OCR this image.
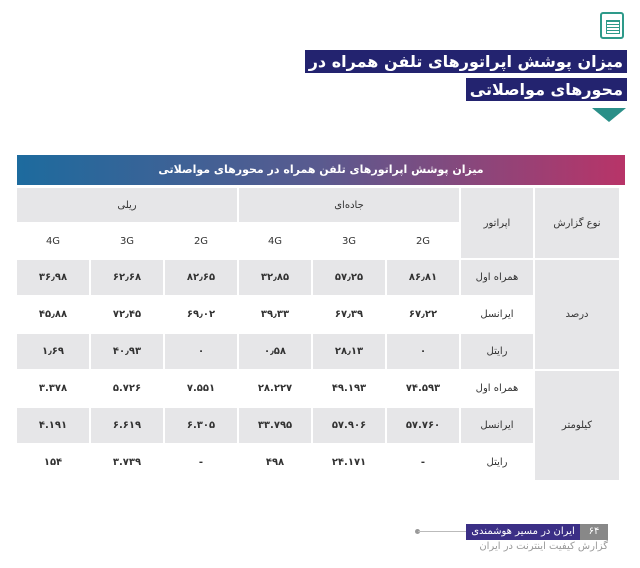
میزان پوشش اپراتورهای تلفن همراه در
محورهای مواصلاتی
میزان پوشش اپراتورهای تلفن همراه در محورهای مواصلاتی
نوع گزارش	اپراتور	جاده‌ای			ریلی		
		2G	3G	4G	2G	3G	4G
درصد	همراه اول	۸۶٫۸۱	۵۷٫۲۵	۳۲٫۸۵	۸۲٫۶۵	۶۲٫۶۸	۳۶٫۹۸
	ایرانسل	۶۷٫۲۲	۶۷٫۳۹	۳۹٫۳۳	۶۹٫۰۲	۷۲٫۴۵	۴۵٫۸۸
	رایتل	۰	۲۸٫۱۳	۰٫۵۸	۰	۴۰٫۹۳	۱٫۶۹
کیلومتر	همراه اول	۷۴.۵۹۳	۴۹.۱۹۳	۲۸.۲۲۷	۷.۵۵۱	۵.۷۲۶	۳.۳۷۸
	ایرانسل	۵۷.۷۶۰	۵۷.۹۰۶	۳۳.۷۹۵	۶.۳۰۵	۶.۶۱۹	۴.۱۹۱
	رایتل	-	۲۴.۱۷۱	۴۹۸	-	۳.۷۳۹	۱۵۴
ایران در مسیر هوشمندی	۶۴
گزارش کیفیت اینترنت در ایران
